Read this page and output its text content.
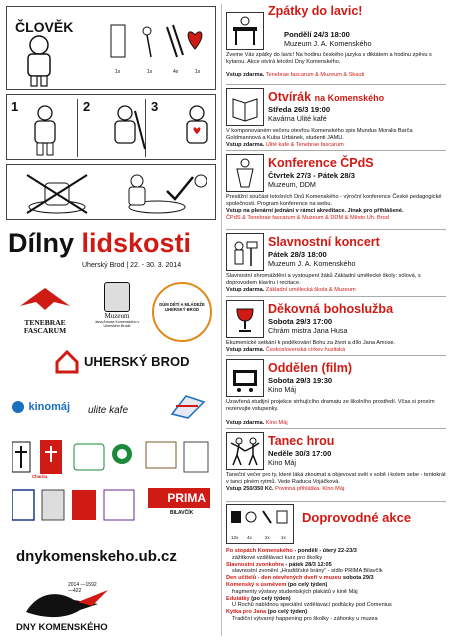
ČLOVĚK
1x	1x	4x	1x
1	2	3
Dílny lidskosti
Uherský Brod | 22. - 30. 3. 2014
TENEBRAE FASCARUM
Muzeum
Jana Amose Komenského v Uherském Brodě
DŮM DĚTÍ A MLÁDEŽE UHERSKÝ BROD
UHERSKÝ BROD
kinomáj ulite kafe
Charita
PRIMA
BILAVČÍK
dnykomenskeho.ub.cz
2014 —1592 —422
DNY KOMENSKÉHO
Zpátky do lavic!
Pondělí 24/3 18:00
Muzeum J. A. Komenského
Zveme Vás zpátky do lavic! Na hodinu českého jazyka s diktátem a hodinu zpěvu s kytarou. Akce otvírá letošní Dny Komenského.
Vstup zdarma. Tenebrae fascarum & Muzeum & Skauti
Otvírák na Komenského
Středa 26/3 19:00
Kavárna Ulité kafé
V komponovaném večeru otevřou Komenského spis Mundus Moralis Barča Goldmannová a Kuba Urbánek, studenti JAMU.
Vstup zdarma. Ulité kafe & Tenebrae fascarum
Konference ČPdS
Čtvrtek 27/3 - Pátek 28/3
Muzeum, DDM
Prestižní součást letošních Dnů Komenského - výroční konference České pedagogické společnosti. Program konference na webu.
Vstup na plenární jednání v rámci akreditace. Jinak pro přihlášené.
ČPdS & Tenebrae fascarum & Muzeum & DDM & Město Uh. Brod
Slavnostní koncert
Pátek 28/3 18:00
Muzeum J. A. Komenského
Slavnostní shromáždění a vystoupení žáků Základní umělecké školy: sólová, s doprovodem klavíru i recitace.
Vstup zdarma. Základní umělecká škola & Muzeum
Děkovná bohoslužba
Sobota 29/3 17:00
Chrám mistra Jana Husa
Ekumenické setkání k poděkování Bohu za život a dílo Jana Amose.
Vstup zdarma. Československá církev husitská
Oddělen (film)
Sobota 29/3 19:30
Kino Máj
Uzavřená studijní projekce strhujícího dramatu ze školního prostředí. Včas si prosím rezervujte vstupenky.
Vstup zdarma. Kino Máj
Tanec hrou
Neděle 30/3 17:00
Kino Máj
Taneční večer pro ty, které láká zkoumat a objevovat svět v sobě i kolem sebe - tentokrát v tanci plném rytmů. Vede Raduca Vojáčková.
Vstup 250/350 Kč. Povinná přihláška. Kino Máj
12x 4x	2x 1x
Doprovodné akce
Po stopách Komenského - pondělí - úterý 22-23/3
zážitkové vzdělávací kurz pro školky
Slavnostní zvonkohra - pátek 28/3 12:05
slavnostní zvonění „Hradišťské brány“ - sídlo PRIMA Bilavčík
Den učitelů - den otevřených dveří v muzeu sobota 29/3
Komenský s úsměvem (po celý týden)
fragmenty výstavy studentských plakátů v kině Máj
Edutátky (po celý týden)
U Rochů nabídnou speciální vzdělávací podtácky pod Comenius
Kytka pro Jana (po celý týden)
Tradiční výtvarný happening pro školky - záhonky u muzea
